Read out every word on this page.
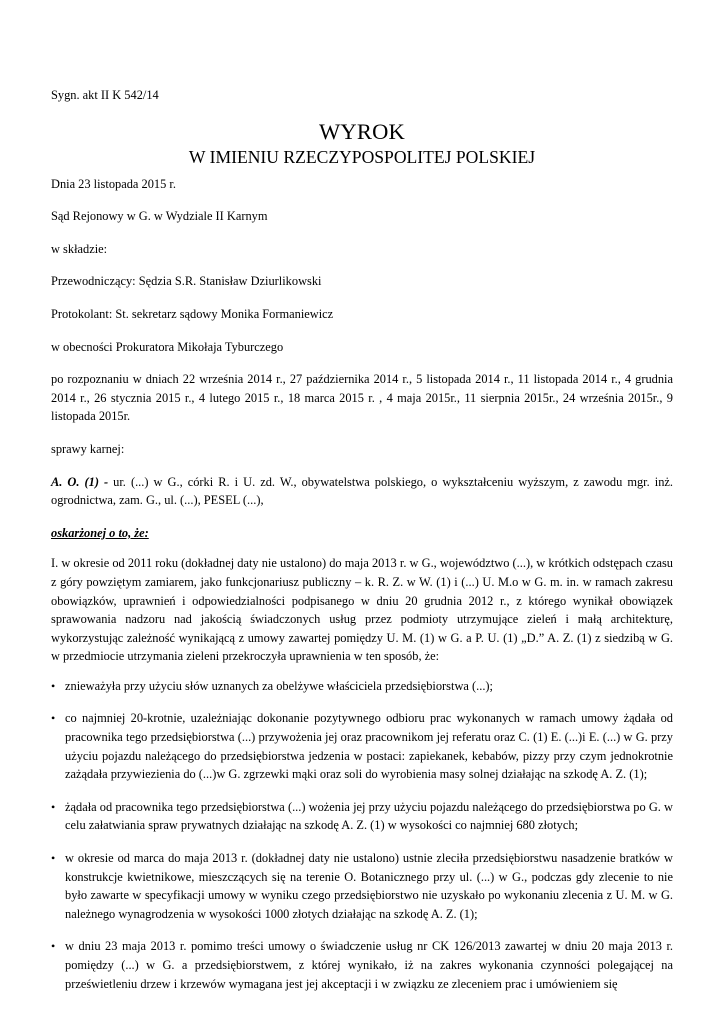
Sygn. akt II K 542/14

WYROK
W IMIENIU RZECZYPOSPOLITEJ POLSKIEJ

Dnia 23 listopada 2015 r.

Sąd Rejonowy w G. w Wydziale II Karnym

w składzie:

Przewodniczący: Sędzia S.R. Stanisław Dziurlikowski

Protokolant: St. sekretarz sądowy Monika Formaniewicz

w obecności Prokuratora Mikołaja Tyburczego

po rozpoznaniu w dniach 22 września 2014 r., 27 października 2014 r., 5 listopada 2014 r., 11 listopada 2014 r., 4 grudnia 2014 r., 26 stycznia 2015 r., 4 lutego 2015 r., 18 marca 2015 r. , 4 maja 2015r., 11 sierpnia 2015r., 24 września 2015r., 9 listopada 2015r.

sprawy karnej:

A. O. (1) - ur. (...) w G., córki R. i U. zd. W., obywatelstwa polskiego, o wykształceniu wyższym, z zawodu mgr. inż. ogrodnictwa, zam. G., ul. (...), PESEL (...),

oskarżonej o to, że:

I. w okresie od 2011 roku (dokładnej daty nie ustalono) do maja 2013 r. w G., województwo (...), w krótkich odstępach czasu z góry powziętym zamiarem, jako funkcjonariusz publiczny – k. R. Z. w W. (1) i (...) U. M.o w G. m. in. w ramach zakresu obowiązków, uprawnień i odpowiedzialności podpisanego w dniu 20 grudnia 2012 r., z którego wynikał obowiązek sprawowania nadzoru nad jakością świadczonych usług przez podmioty utrzymujące zieleń i małą architekturę, wykorzystując zależność wynikającą z umowy zawartej pomiędzy U. M. (1) w G. a P. U. (1) „D.” A. Z. (1) z siedzibą w G. w przedmiocie utrzymania zieleni przekroczyła uprawnienia w ten sposób, że:

• znieważyła przy użyciu słów uznanych za obelżywe właściciela przedsiębiorstwa (...);
• co najmniej 20-krotnie, uzależniając dokonanie pozytywnego odbioru prac wykonanych w ramach umowy żądała od pracownika tego przedsiębiorstwa (...) przywożenia jej oraz pracownikom jej referatu oraz C. (1) E. (...)i E. (...) w G. przy użyciu pojazdu należącego do przedsiębiorstwa jedzenia w postaci: zapiekanek, kebabów, pizzy przy czym jednokrotnie zażądała przywiezienia do (...)w G. zgrzewki mąki oraz soli do wyrobienia masy solnej działając na szkodę A. Z. (1);
• żądała od pracownika tego przedsiębiorstwa (...) wożenia jej przy użyciu pojazdu należącego do przedsiębiorstwa po G. w celu załatwiania spraw prywatnych działając na szkodę A. Z. (1) w wysokości co najmniej 680 złotych;
• w okresie od marca do maja 2013 r. (dokładnej daty nie ustalono) ustnie zleciła przedsiębiorstwu nasadzenie bratków w konstrukcje kwietnikowe, mieszczących się na terenie O. Botanicznego przy ul. (...) w G., podczas gdy zlecenie to nie było zawarte w specyfikacji umowy w wyniku czego przedsiębiorstwo nie uzyskało po wykonaniu zlecenia z U. M. w G. należnego wynagrodzenia w wysokości 1000 złotych działając na szkodę A. Z. (1);
• w dniu 23 maja 2013 r. pomimo treści umowy o świadczenie usług nr CK 126/2013 zawartej w dniu 20 maja 2013 r. pomiędzy (...) w G. a przedsiębiorstwem, z której wynikało, iż na zakres wykonania czynności polegającej na prześwietleniu drzew i krzewów wymagana jest jej akceptacji i w związku ze zleceniem prac i umówieniem się
